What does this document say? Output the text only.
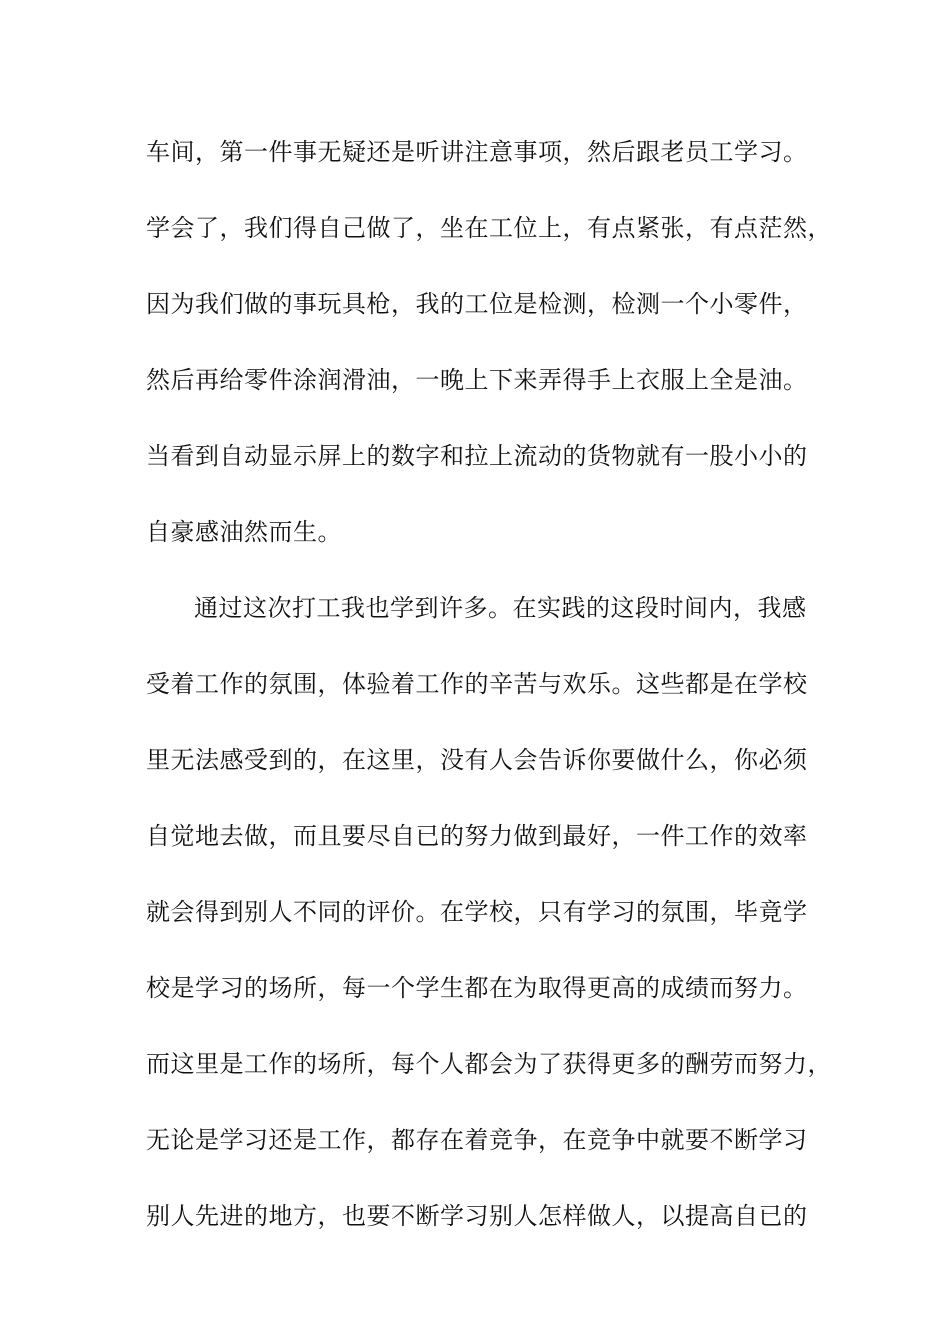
车间，第一件事无疑还是听讲注意事项，然后跟老员工学习。
学会了，我们得自己做了，坐在工位上，有点紧张，有点茫然，
因为我们做的事玩具枪，我的工位是检测，检测一个小零件，
然后再给零件涂润滑油，一晚上下来弄得手上衣服上全是油。
当看到自动显示屏上的数字和拉上流动的货物就有一股小小的
自豪感油然而生。
通过这次打工我也学到许多。在实践的这段时间内，我感
受着工作的氛围，体验着工作的辛苦与欢乐。这些都是在学校
里无法感受到的，在这里，没有人会告诉你要做什么，你必须
自觉地去做，而且要尽自已的努力做到最好，一件工作的效率
就会得到别人不同的评价。在学校，只有学习的氛围，毕竟学
校是学习的场所，每一个学生都在为取得更高的成绩而努力。
而这里是工作的场所，每个人都会为了获得更多的酬劳而努力，
无论是学习还是工作，都存在着竞争，在竞争中就要不断学习
别人先进的地方，也要不断学习别人怎样做人，以提高自已的
